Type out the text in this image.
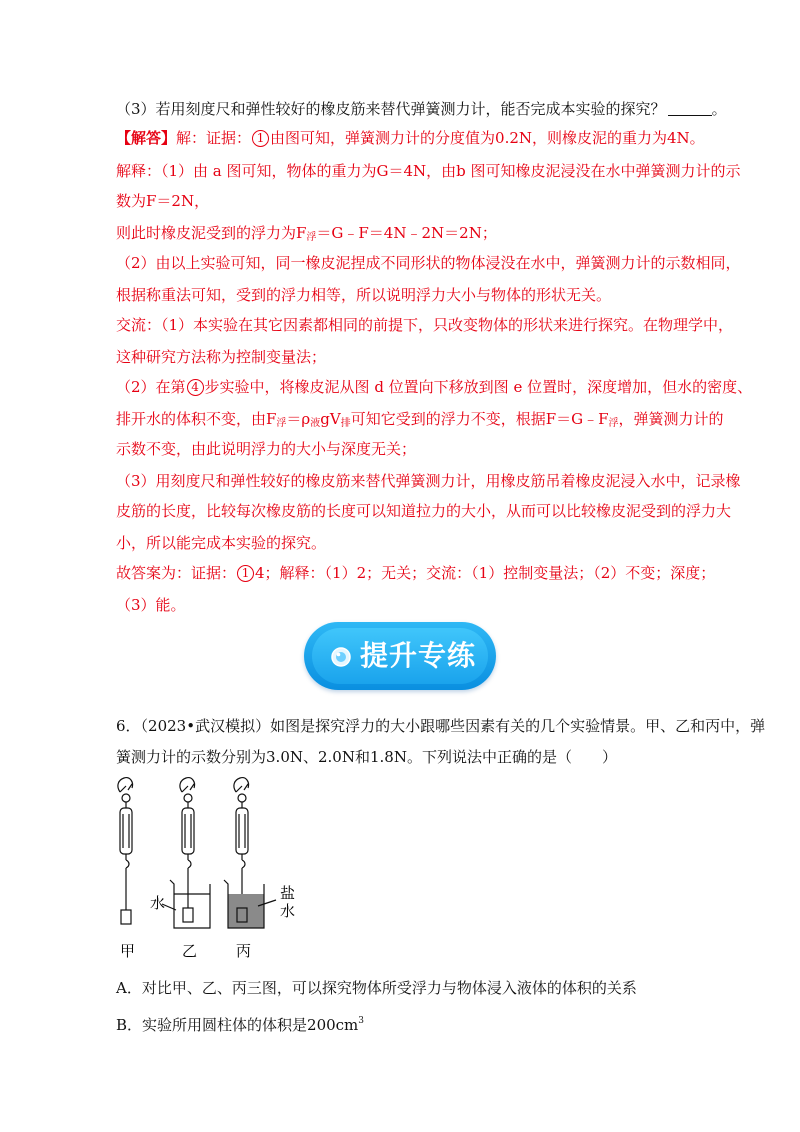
（3）若用刻度尺和弹性较好的橡皮筋来替代弹簧测力计，能否完成本实验的探究？	。
【解答】解：证据： 1 由图可知，弹簧测力计的分度值为0.2N，则橡皮泥的重力为4N。
解释：（1）由 a 图可知，物体的重力为G＝4N，由b 图可知橡皮泥浸没在水中弹簧测力计的示
数为F＝2N，
则此时橡皮泥受到的浮力为$F_浮=G﹣F=4N﹣2N=2N$；
（2）由以上实验可知，同一橡皮泥捏成不同形状的物体浸没在水中，弹簧测力计的示数相同，
根据称重法可知，受到的浮力相等，所以说明浮力大小与物体的形状无关。
交流：（1）本实验在其它因素都相同的前提下，只改变物体的形状来进行探究。在物理学中，
这种研究方法称为控制变量法；
（2）在第 4 步实验中，将橡皮泥从图 d 位置向下移放到图 e 位置时，深度增加，但水的密度、
排开水的体积不变，由$F_浮=\rho_液gV_排$可知它受到的浮力不变，根据$F=G﹣F_浮$，弹簧测力计的
示数不变，由此说明浮力的大小与深度无关；
（3）用刻度尺和弹性较好的橡皮筋来替代弹簧测力计，用橡皮筋吊着橡皮泥浸入水中，记录橡
皮筋的长度，比较每次橡皮筋的长度可以知道拉力的大小，从而可以比较橡皮泥受到的浮力大
小，所以能完成本实验的探究。
故答案为：证据： 1 4；解释：（1）2；无关；交流：（1）控制变量法；（2）不变；深度；
（3）能。
提升专练
6．（2023•武汉模拟）如图是探究浮力的大小跟哪些因素有关的几个实验情景。甲、乙和丙中，弹
簧测力计的示数分别为3.0N、2.0N和1.8N。下列说法中正确的是（　　）
水
盐
水
甲	乙	丙
A．对比甲、乙、丙三图，可以探究物体所受浮力与物体浸入液体的体积的关系
B．实验所用圆柱体的体积是$200cm^3$
